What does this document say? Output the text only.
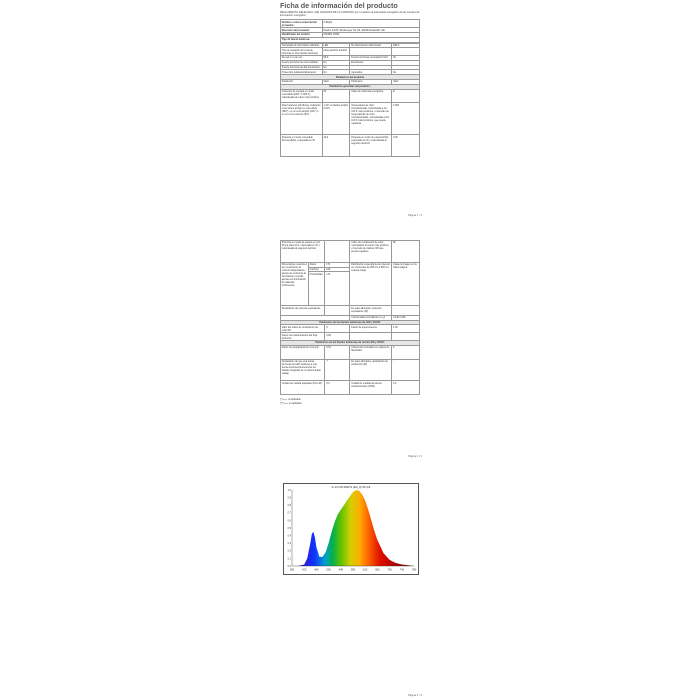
Ficha de información del producto
REGLAMENTO DELEGADO (UE) 2019/2015 DE LA COMISIÓN por el relativo al etiquetado energético de las fuentes de iluminación energético
Nombre o marca comercial del proveedor:	K-Bright
Dirección del proveedor:	Pisolux GmbH, Bredeneyer Str. 86, 40239 Düsseldorf, DE
Identificador del modelo:	CM/D51 100W
Tipo de fuente luminosa:	
Tecnología de iluminación utilizada:	LED	No direccional o direccional:	NDLS
Tipo de casquillo de la fuente luminosa (u otra interfaz eléctrica)	otras eléctrico interfaz		
De red o no de red:	MLS	Fuente luminosa conectada (CLS):	No
Fuente luminosa de color variable:	No	Envolvente:	-
Fuente luminosa de alta luminancia:	No		
Protección antideslumbramiento:	No	Atenuable:	No
Parámetros del producto			
Parámetro	Valor	Parámetro	Valor
Parámetros generales del producto:			
Consumo de energía en modo encendido (kWh / 1 000 h), redondeado al entero más próximo	90	Clase de eficiencia energética	E
Flujo luminoso útil (Φuse), indicando si se refiere al flujo en una esfera (360°), en un cono amplio (120°) o en un cono estrecho (90°)	1 417 en Esfera amplio (120°)	Temperatura de color correlacionada, redondeada a los 100 K más próximos, o intervalo de temperaturas de color correlacionadas, redondeadas a los 100 K más próximos, que puede regularse	3 000
Potencia en modo encendido (Pencendido), expresada en W	20,2	Potencia en modo de espera (Psb), expresada en W y redondeada al segundo decimal	0,00
Página 1 / 3
Potencia en modo de espera en red (Pnet) para CLS, expresada en W y redondeada al segundo decimal		-	Índice de rendimiento de color, redondeado al entero más próximo, o intervalo de valores CRI que puede regularse	80
Dimensiones exteriores sin mecanismo de control independiente, piezas de control de la iluminación o piezas ajenas a la iluminación, de haberlas (milímetros)	Altura	174	Distribución espectral de la potencia en el intervalo de 250 nm a 800 nm, a plena carga	Véase la imagen en la última página
	Anchura	160		
	Profundidad	174		
Declaración de potencia equivalente		-	En caso afirmativo, potencia equivalente (W)	-
			Coordenadas cromáticas (x e y)	0,445 0,460
Parámetros de las fuentes luminosas de LED y OLED:				
Valor del índice de rendimiento de color R9		9	Factor de supervivencia	1,00
Factor de mantenimiento del flujo luminoso		0,90		
Parámetros de las fuentes luminosas de red de LED y OLED:				
Factor de desplazamiento (cos φ1)		0,51	Coherencia cromática en elipses de MacAdam	6
Declaración de que una fuente luminosa de LED sustituye a una fuente luminosa fluorescente sin balasto integrado de un determinado vatiaje.		-*	En caso afirmativo, declaración de sustitución (W)	-
Unidad de medida parpadeo (Pst LM)		0,4	Unidad de medida del efecto estroboscópico (SVM)	0,3
(*) «-»: no aplicable
(**) «-»: no aplicable
Página 2 / 3
K-14 CW 00W N (E0_0) 3S 1/2
380	420	460	500	540	580	620	660	700	740	780
0.0
0.1
0.2
0.3
0.4
0.5
0.6
0.7
0.8
0.9
1.0
Página 3 / 3
